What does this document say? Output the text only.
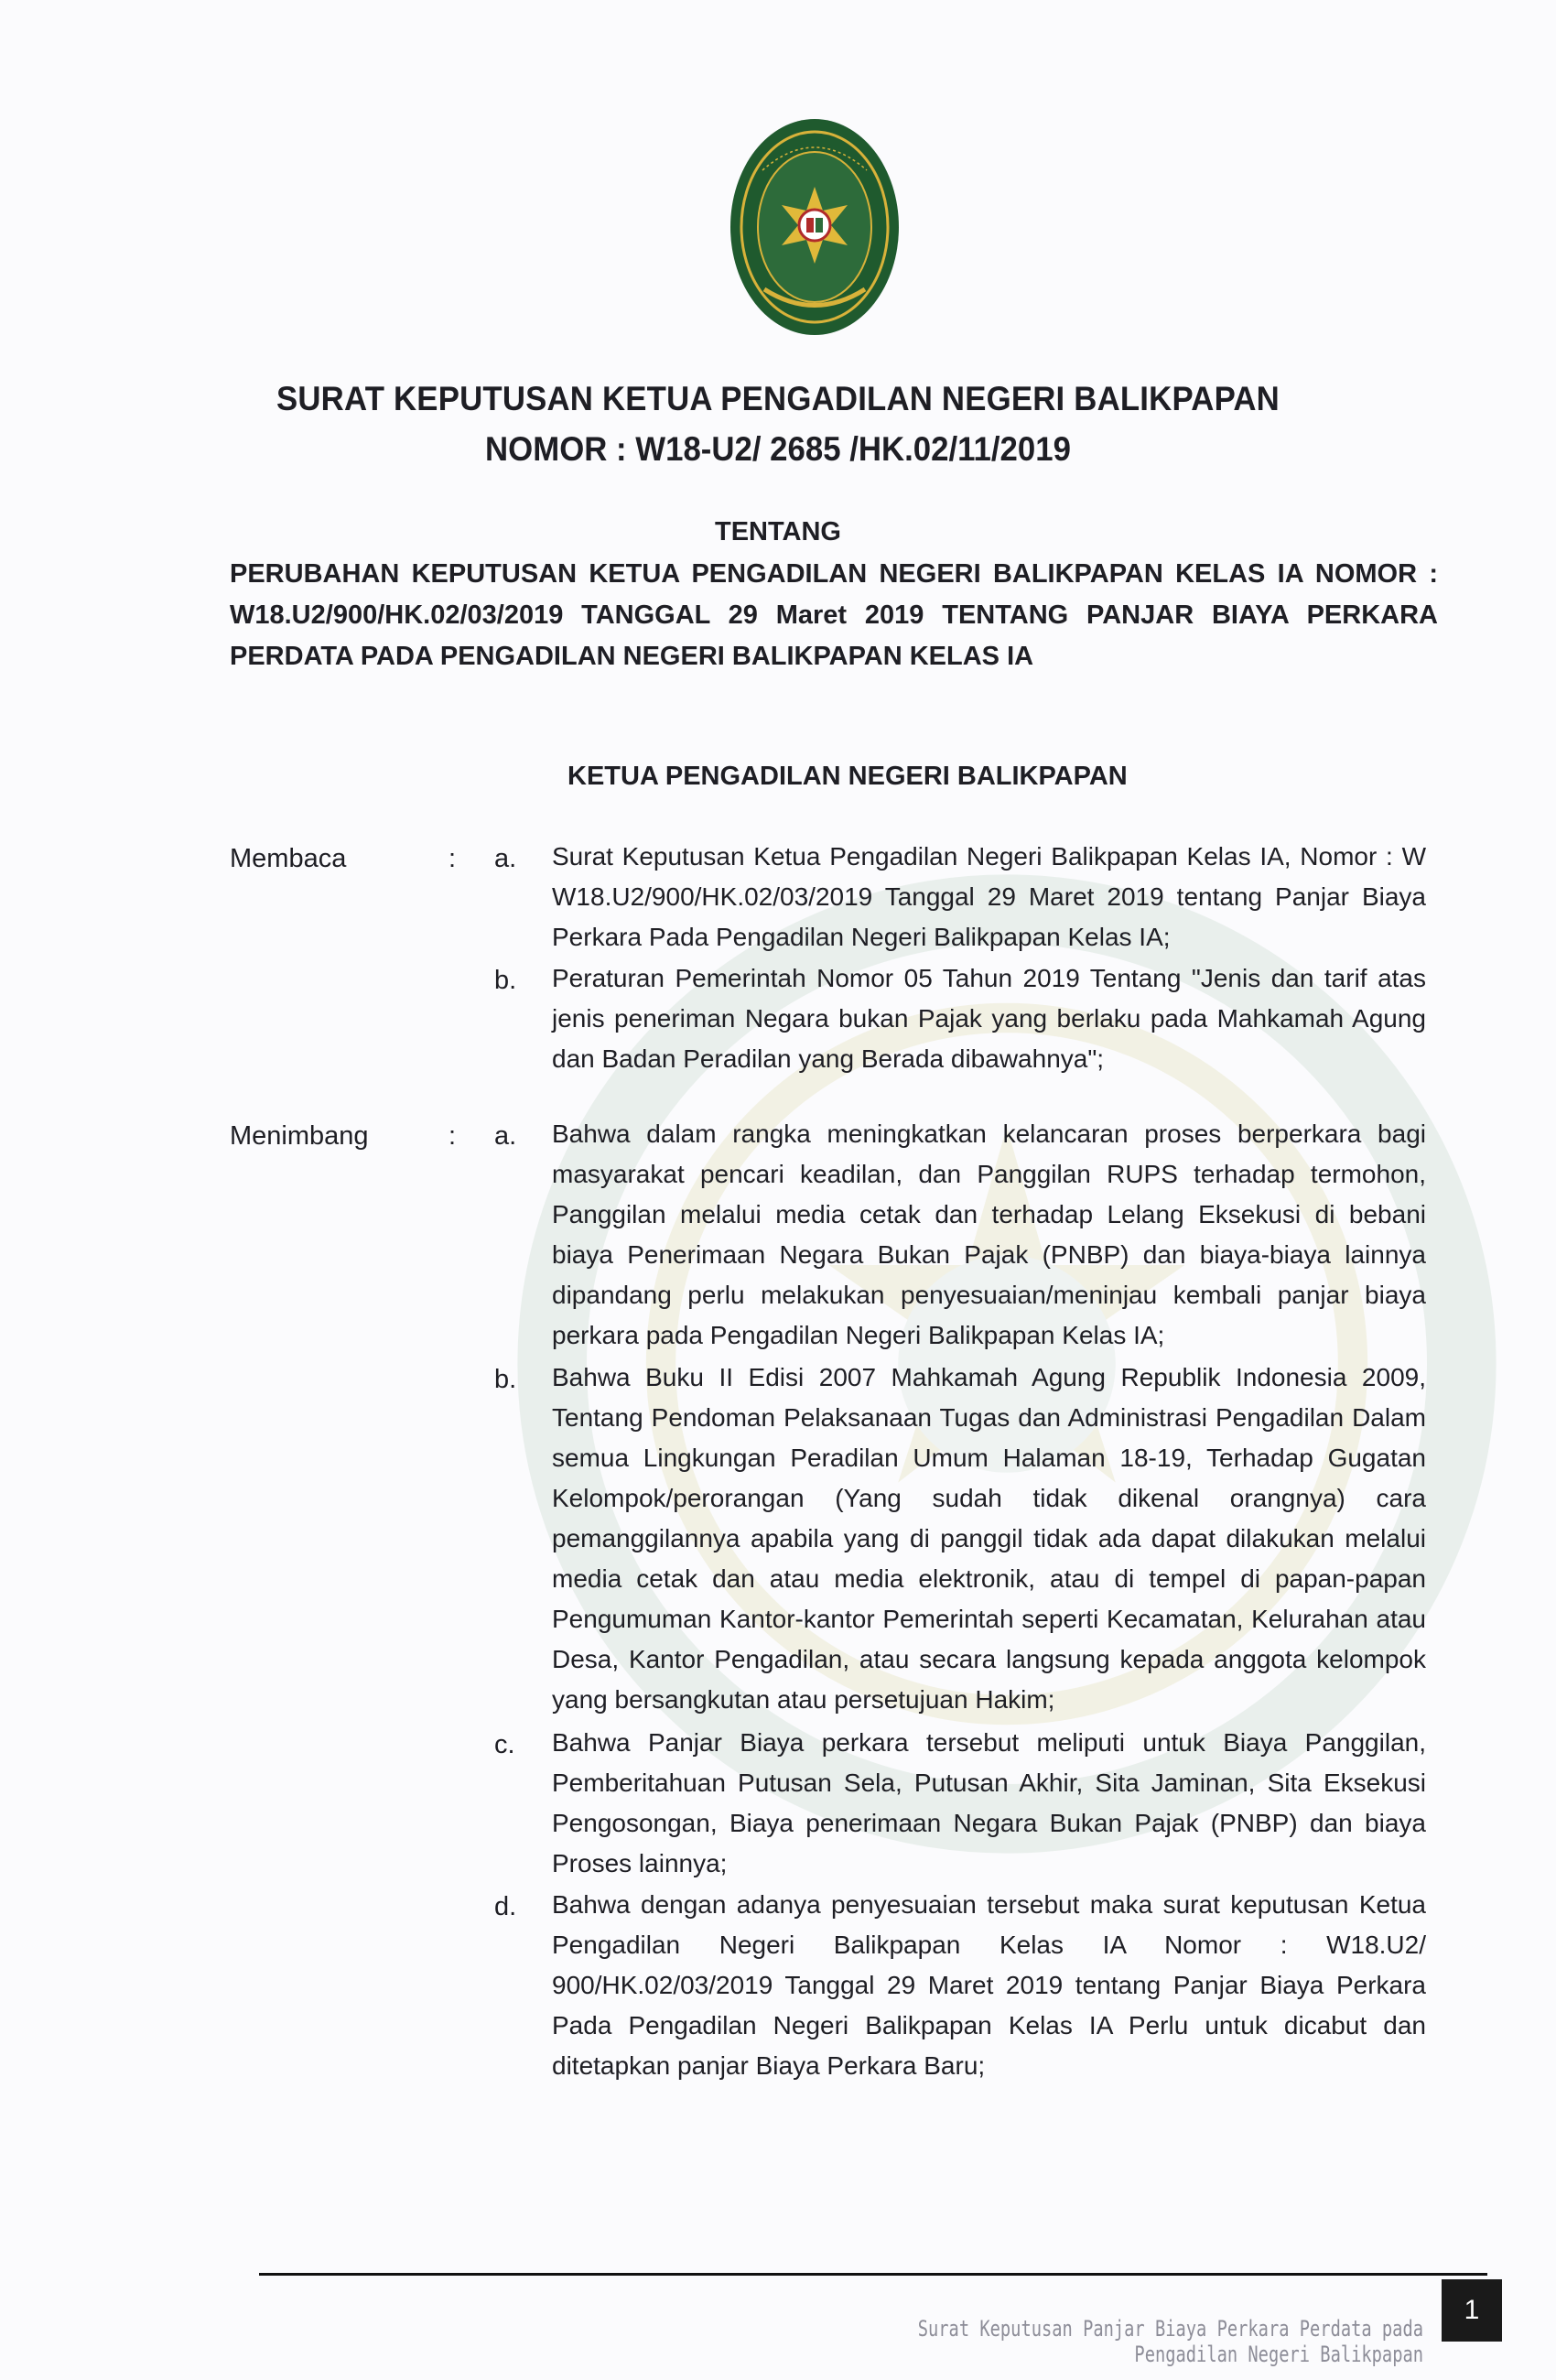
SURAT KEPUTUSAN KETUA PENGADILAN NEGERI BALIKPAPAN
NOMOR : W18-U2/ 2685 /HK.02/11/2019
TENTANG
PERUBAHAN KEPUTUSAN KETUA PENGADILAN NEGERI BALIKPAPAN KELAS IA NOMOR : W18.U2/900/HK.02/03/2019 TANGGAL 29 Maret 2019 TENTANG PANJAR BIAYA PERKARA PERDATA PADA PENGADILAN NEGERI BALIKPAPAN KELAS IA
KETUA PENGADILAN NEGERI BALIKPAPAN
Membaca	: a. Surat Keputusan Ketua Pengadilan Negeri Balikpapan Kelas IA, Nomor : W W18.U2/900/HK.02/03/2019 Tanggal 29 Maret 2019 tentang Panjar Biaya Perkara Pada Pengadilan Negeri Balikpapan Kelas IA;
b. Peraturan Pemerintah Nomor 05 Tahun 2019 Tentang "Jenis dan tarif atas jenis peneriman Negara bukan Pajak yang berlaku pada Mahkamah Agung dan Badan Peradilan yang Berada dibawahnya";
Menimbang	: a. Bahwa dalam rangka meningkatkan kelancaran proses berperkara bagi masyarakat pencari keadilan, dan Panggilan RUPS terhadap termohon, Panggilan melalui media cetak dan terhadap Lelang Eksekusi di bebani biaya Penerimaan Negara Bukan Pajak (PNBP) dan biaya-biaya lainnya dipandang perlu melakukan penyesuaian/meninjau kembali panjar biaya perkara pada Pengadilan Negeri Balikpapan Kelas IA;
b. Bahwa Buku II Edisi 2007 Mahkamah Agung Republik Indonesia 2009, Tentang Pendoman Pelaksanaan Tugas dan Administrasi Pengadilan Dalam semua Lingkungan Peradilan Umum Halaman 18-19, Terhadap Gugatan Kelompok/perorangan (Yang sudah tidak dikenal orangnya) cara pemanggilannya apabila yang di panggil tidak ada dapat dilakukan melalui media cetak dan atau media elektronik, atau di tempel di papan-papan Pengumuman Kantor-kantor Pemerintah seperti Kecamatan, Kelurahan atau Desa, Kantor Pengadilan, atau secara langsung kepada anggota kelompok yang bersangkutan atau persetujuan Hakim;
c. Bahwa Panjar Biaya perkara tersebut meliputi untuk Biaya Panggilan, Pemberitahuan Putusan Sela, Putusan Akhir, Sita Jaminan, Sita Eksekusi Pengosongan, Biaya penerimaan Negara Bukan Pajak (PNBP) dan biaya Proses lainnya;
d. Bahwa dengan adanya penyesuaian tersebut maka surat keputusan Ketua Pengadilan Negeri Balikpapan Kelas IA Nomor : W18.U2/ 900/HK.02/03/2019 Tanggal 29 Maret 2019 tentang Panjar Biaya Perkara Pada Pengadilan Negeri Balikpapan Kelas IA Perlu untuk dicabut dan ditetapkan panjar Biaya Perkara Baru;
Surat Keputusan Panjar Biaya Perkara Perdata pada Pengadilan Negeri Balikpapan
1
